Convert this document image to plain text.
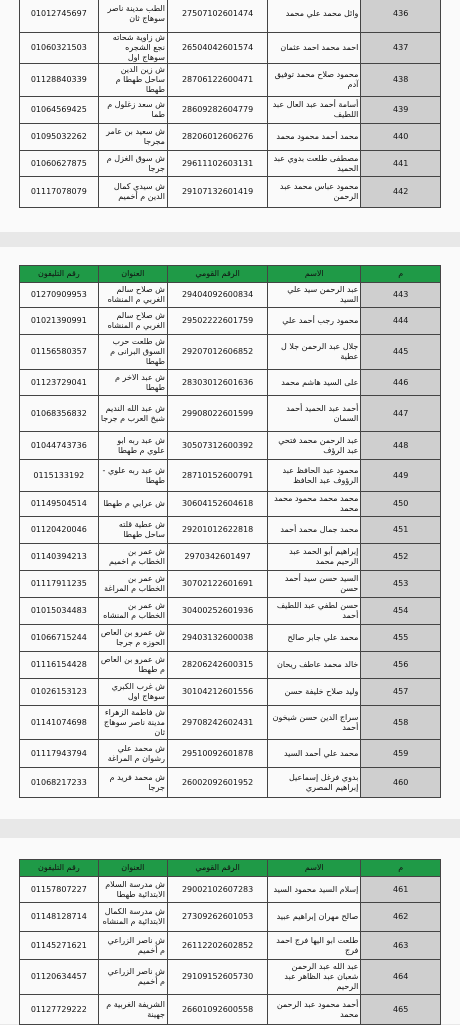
436	وائل محمد علي محمد	27507102601474	الطب مدينة ناصر سوهاج ثان	01012745697
437	احمد محمد احمد عثمان	26504042601574	ش زاوية شحاته نجع الشجره سوهاج اول	01060321503
438	محمود صلاح محمد توفيق آدم	28706122600471	ش زين الدين ساحل طهطا م طهطا	01128840339
439	أسامة أحمد عبد العال عبد اللطيف	28609282604779	ش سعد زغلول م طما	01064569425
440	محمد أحمد محمود محمد	28206012606276	ش سعيد بن عامر مجرجا	01095032262
441	مصطفى طلعت بدوي عبد الحميد	29611102603131	ش سوق الغزل م جرجا	01060627875
442	محمود عباس محمد عبد الرحمن	29107132601419	ش سيدي كمال الدين م أخميم	01117078079
م	الاسم	الرقم القومي	العنوان	رقم التليفون
443	عبد الرحمن سيد علي السيد	29404092600834	ش صلاح سالم الغربي م المنشاه	01270909953
444	محمود رجب أحمد علي	29502222601759	ش صلاح سالم الغربي م المنشاه	01021390991
445	جلال عبد الرحمن جلا ل عطية	29207012606852	ش طلعت حرب السوق البرانى م طهطا	01156580357
446	على السيد هاشم محمد	28303012601636	ش عبد الاخر م طهطا	01123729041
447	أحمد عبد الحميد أحمد السمان	29908022601599	ش عبد الله النديم شيخ العرب م جرجا	01068356832
448	عبد الرحمن محمد فتحي عبد الرؤف	30507312600392	ش عبد ربه ابو علوي م طهطا	01044743736
449	محمود عبد الحافظ عبد الرؤوف عبد الحافظ	28710152600791	ش عبد ربه علوي - طهطا	0115133192
450	محمد محمد محمود محمد محمد	30604152604618	ش عرابي م طهطا	01149504514
451	محمد جمال محمد أحمد	29201012622818	ش عطية قلته ساحل طهطا	01120420046
452	إبراهيم أبو الحمد عبد الرحيم محمد	2970342601497	ش عمر بن الخطاب م اخميم	01140394213
453	السيد حسن سيد أحمد حسن	30702122601691	ش عمر بن الخطاب م المراغة	01117911235
454	حسن لطفي عبد اللطيف أحمد	30400252601936	ش عمر بن الخطاب م المنشاه	01015034483
455	محمد علي جابر صالح	29403132600038	ش عمرو بن العاص الحوزه م جرجا	01066715244
456	خالد محمد عاطف ريحان	28206242600315	ش عمرو بن العاص م طهطا	01116154428
457	وليد صلاح خليفة حسن	30104212601556	ش غرب الكبري سوهاج اول	01026153123
458	سراج الدين حسن شيخون أحمد	29708242602431	ش فاطمة الزهراء مدينة ناصر سوهاج ثان	01141074698
459	محمد علي أحمد السيد	29510092601878	ش محمد علي رشوان م المراغة	01117943794
460	بدوي فرغل إسماعيل إبراهيم المصري	26002092601952	ش محمد فريد م جرجا	01068217233
م	الاسم	الرقم القومي	العنوان	رقم التليفون
461	إسلام السيد محمود السيد	29002102607283	ش مدرسة السلام الابتدائية طهطا	01157807227
462	صالح مهران إبراهيم عبيد	27309262601053	ش مدرسة الكمال الابتدائية م المنشاه	01148128714
463	طلعت ابو اليها فرج احمد فرج	26112202602852	ش ناصر الزراعي م أخميم	01145271621
464	عبد الله عبد الرحمن شعبان عبد الظاهر عبد الرحيم	29109152605730	ش ناصر الزراعي م أخميم	01120634457
465	أحمد محمود عبد الرحمن محمد	26601092600558	الشريفة الغربية م جهينة	01127729222
